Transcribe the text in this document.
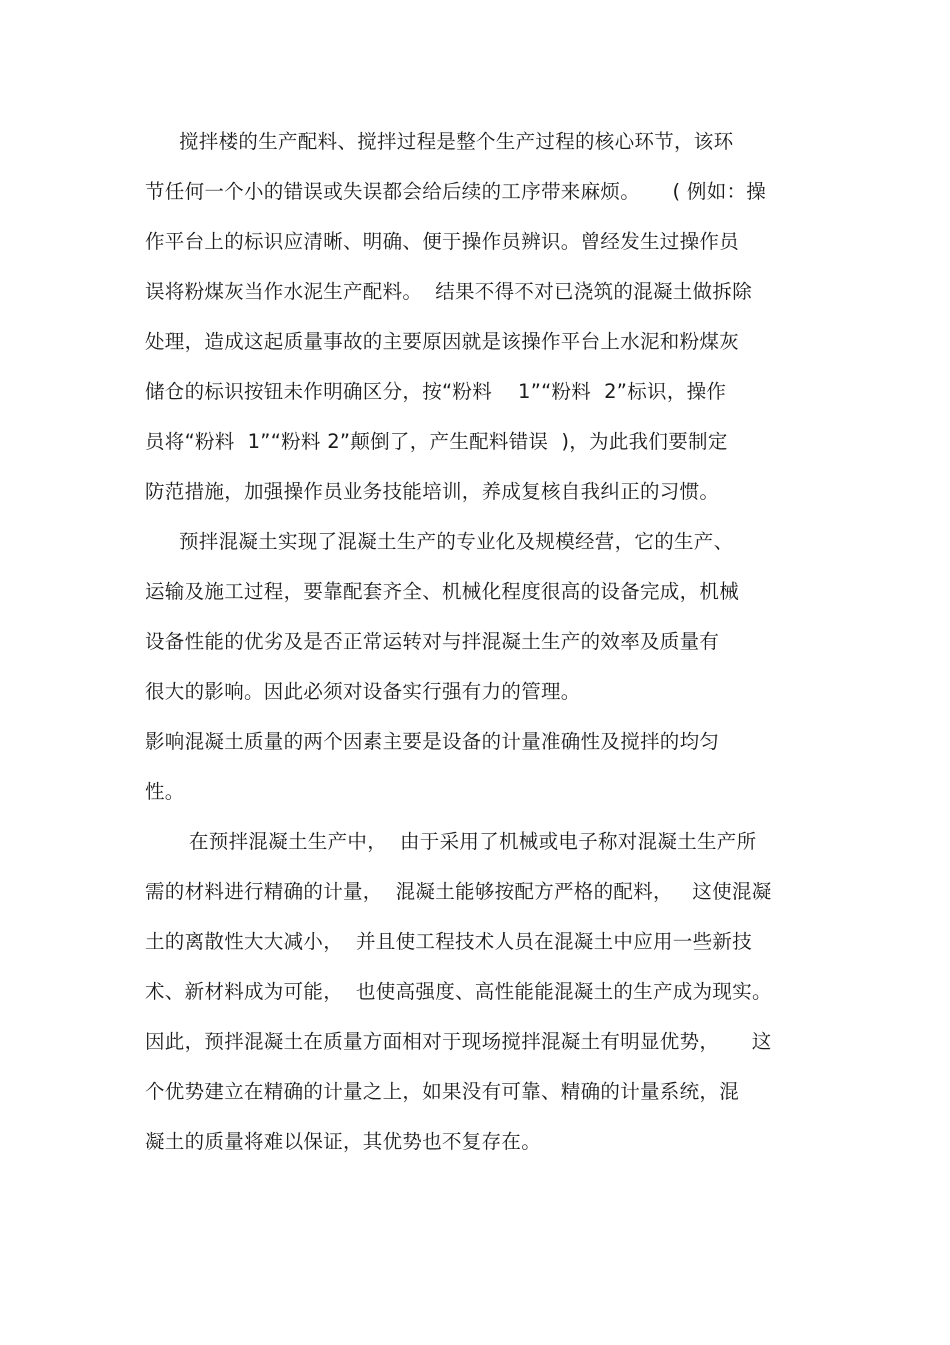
搅拌楼的生产配料、搅拌过程是整个生产过程的核心环节，该环
节任何一个小的错误或失误都会给后续的工序带来麻烦。     ( 例如：操
作平台上的标识应清晰、明确、便于操作员辨识。曾经发生过操作员
误将粉煤灰当作水泥生产配料。  结果不得不对已浇筑的混凝土做拆除
处理，造成这起质量事故的主要原因就是该操作平台上水泥和粉煤灰
储仓的标识按钮未作明确区分，按“粉料    1”“粉料  2”标识，操作
员将“粉料  1”“粉料 2”颠倒了，产生配料错误  )，为此我们要制定
防范措施，加强操作员业务技能培训，养成复核自我纠正的习惯。
预拌混凝土实现了混凝土生产的专业化及规模经营，它的生产、
运输及施工过程，要靠配套齐全、机械化程度很高的设备完成，机械
设备性能的优劣及是否正常运转对与拌混凝土生产的效率及质量有
很大的影响。因此必须对设备实行强有力的管理。
影响混凝土质量的两个因素主要是设备的计量准确性及搅拌的均匀
性。
在预拌混凝土生产中，  由于采用了机械或电子称对混凝土生产所
需的材料进行精确的计量，  混凝土能够按配方严格的配料，   这使混凝
土的离散性大大减小，  并且使工程技术人员在混凝土中应用一些新技
术、新材料成为可能，  也使高强度、高性能能混凝土的生产成为现实。
因此，预拌混凝土在质量方面相对于现场搅拌混凝土有明显优势，     这
个优势建立在精确的计量之上，如果没有可靠、精确的计量系统，混
凝土的质量将难以保证，其优势也不复存在。
